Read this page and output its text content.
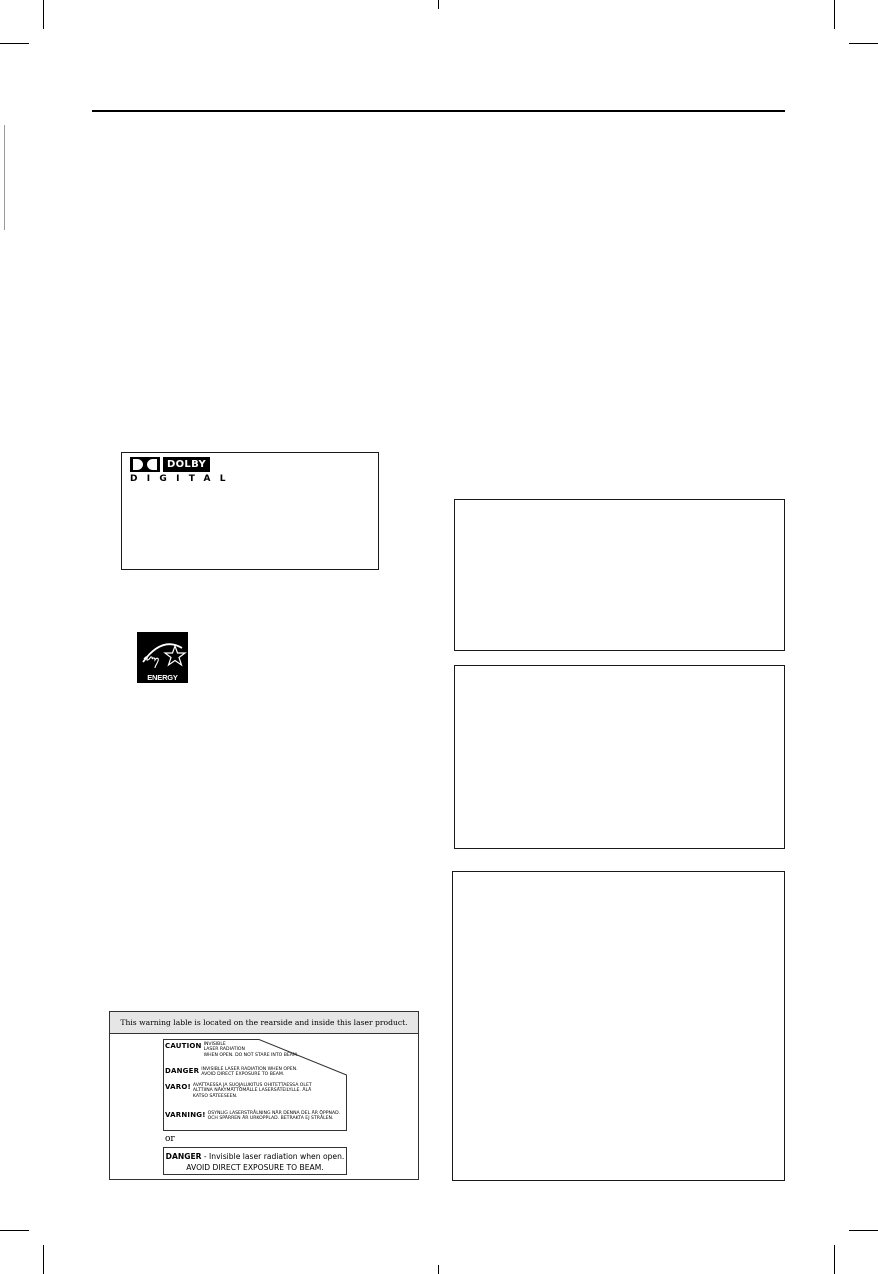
DOLBY
DIGITAL
ENERGY STAR
This warning lable is located on the rearside and inside this laser product.
CAUTION INVISIBLE
LASER RADIATION
WHEN OPEN. DO NOT STARE INTO BEAM.
DANGER INVISIBLE LASER RADIATION WHEN OPEN.
AVOID DIRECT EXPOSURE TO BEAM.
VARO! AVATTAESSA JA SUOJALUKITUS OHITETTAESSA OLET
ALTTIINA NÄKYMÄTTÖMÄLLE LASERSÄTEILYLLE. ÄLÄ
KATSO SÄTEESEEN.
VARNING! OSYNLIG LASERSTRÅLNING NÄR DENNA DEL ÄR ÖPPNAD.
OCH SPÄRREN ÄR URKOPPLAD. BETRAKTA EJ STRÅLEN.
or
DANGER - Invisible laser radiation when open.
AVOID DIRECT EXPOSURE TO BEAM.
